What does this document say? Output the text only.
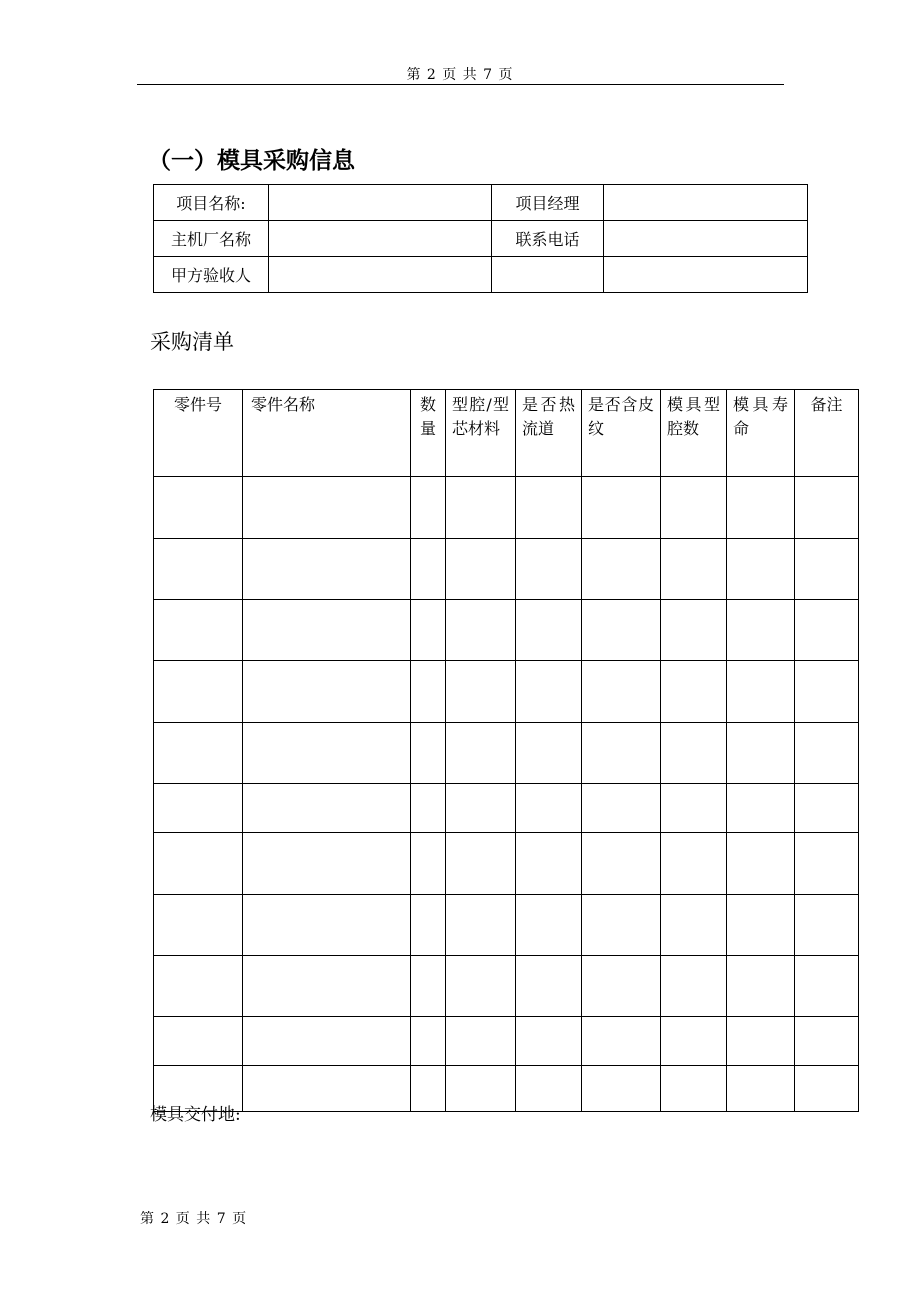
第 2 页 共 7 页
（一）模具采购信息
项目名称:		项目经理	
主机厂名称		联系电话	
甲方验收人			
采购清单
零件号	零件名称	数量	型腔/型芯材料	是否热流道	是否含皮纹	模具型腔数	模具寿命	备注

模具交付地:
第 2 页 共 7 页
